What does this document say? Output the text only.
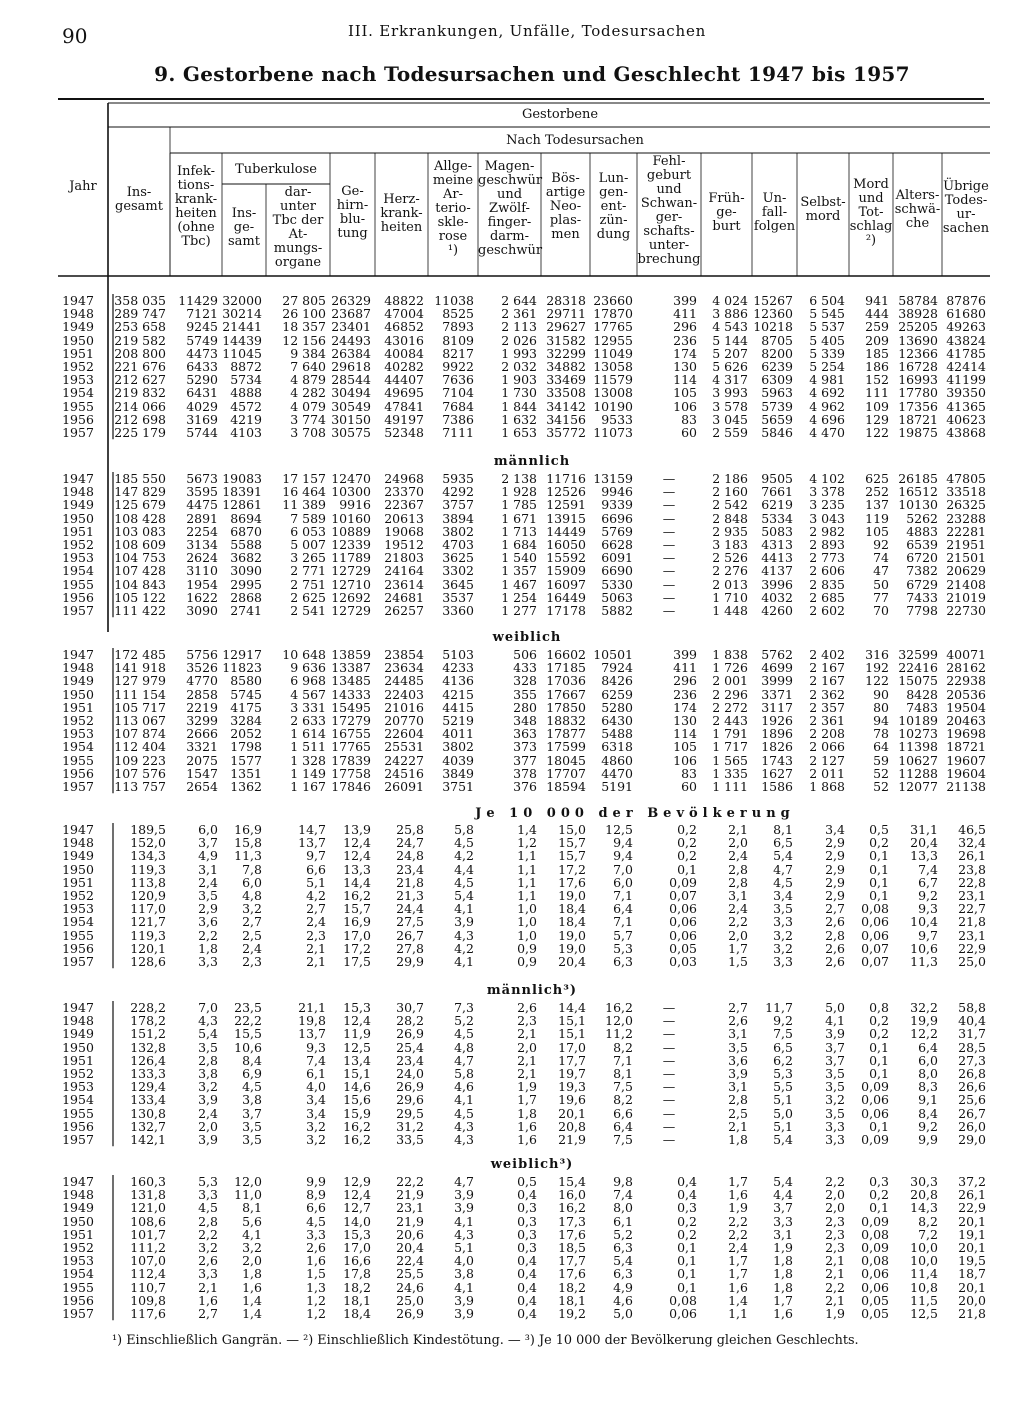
90	III. Erkrankungen, Unfälle, Todesursachen
9. Gestorbene nach Todesursachen und Geschlecht 1947 bis 1957
Gestorbene
Nach Todesursachen
Tuberkulose
Jahr	Ins-
gesamt
Infek-
tions-
krank-
heiten
(ohne
Tbc)
Ins-
ge-
samt
dar-
unter
Tbc der
At-
mungs-
organe
Ge-
hirn-
blu-
tung
Herz-
krank-
heiten
Allge-
meine
Ar-
terio-
skle-
rose
¹)
Magen-
geschwür
und
Zwölf-
finger-
darm-
geschwür
Bös-
artige
Neo-
plas-
men
Lun-
gen-
ent-
zün-
dung
Fehl-
geburt
und
Schwan-
ger-
schafts-
unter-
brechung
Früh-
ge-
burt
Un-
fall-
folgen
Selbst-
mord
Mord
und
Tot-
schlag
²)
Alters-
schwä-
che
Übrige
Todes-
ur-
sachen
1947
1948
1949
1950
1951
1952
1953
1954
1955
1956
1957
358 035
289 747
253 658
219 582
208 800
221 676
212 627
219 832
214 066
212 698
225 179
11429
7121
9245
5749
4473
6433
5290
6431
4029
3169
5744
32000
30214
21441
14439
11045
8872
5734
4888
4572
4219
4103
27 805
26 100
18 357
12 156
9 384
7 640
4 879
4 282
4 079
3 774
3 708
26329
23687
23401
24493
26384
29618
28544
30494
30549
30150
30575
48822
47004
46852
43016
40084
40282
44407
49695
47841
49197
52348
11038
8525
7893
8109
8217
9922
7636
7104
7684
7386
7111
2 644
2 361
2 113
2 026
1 993
2 032
1 903
1 730
1 844
1 632
1 653
28318
29711
29627
31582
32299
34882
33469
33508
34142
34156
35772
23660
17870
17765
12955
11049
13058
11579
13008
10190
9533
11073
399
411
296
236
174
130
114
105
106
83
60
4 024
3 886
4 543
5 144
5 207
5 626
4 317
3 993
3 578
3 045
2 559
15267
12360
10218
8705
8200
6239
6309
5963
5739
5659
5846
6 504
5 545
5 537
5 405
5 339
5 254
4 981
4 692
4 962
4 696
4 470
941
444
259
209
185
186
152
111
109
129
122
58784
38928
25205
13690
12366
16728
16993
17780
17356
18721
19875
87876
61680
49263
43824
41785
42414
41199
39350
41365
40623
43868
männlich
1947
1948
1949
1950
1951
1952
1953
1954
1955
1956
1957
185 550
147 829
125 679
108 428
103 083
108 609
104 753
107 428
104 843
105 122
111 422
5673
3595
4475
2891
2254
3134
2624
3110
1954
1622
3090
19083
18391
12861
8694
6870
5588
3682
3090
2995
2868
2741
17 157
16 464
11 389
7 589
6 053
5 007
3 265
2 771
2 751
2 625
2 541
12470
10300
9916
10160
10889
12339
11789
12729
12710
12692
12729
24968
23370
22367
20613
19068
19512
21803
24164
23614
24681
26257
5935
4292
3757
3894
3802
4703
3625
3302
3645
3537
3360
2 138
1 928
1 785
1 671
1 713
1 684
1 540
1 357
1 467
1 254
1 277
11716
12526
12591
13915
14449
16050
15592
15909
16097
16449
17178
13159
9946
9339
6696
5769
6628
6091
6690
5330
5063
5882
—
—
—
—
—
—
—
—
—
—
—
2 186
2 160
2 542
2 848
2 935
3 183
2 526
2 276
2 013
1 710
1 448
9505
7661
6219
5334
5083
4313
4413
4137
3996
4032
4260
4 102
3 378
3 235
3 043
2 982
2 893
2 773
2 606
2 835
2 685
2 602
625
252
137
119
105
92
74
47
50
77
70
26185
16512
10130
5262
4883
6539
6720
7382
6729
7433
7798
47805
33518
26325
23288
22281
21951
21501
20629
21408
21019
22730
weiblich
1947
1948
1949
1950
1951
1952
1953
1954
1955
1956
1957
172 485
141 918
127 979
111 154
105 717
113 067
107 874
112 404
109 223
107 576
113 757
5756
3526
4770
2858
2219
3299
2666
3321
2075
1547
2654
12917
11823
8580
5745
4175
3284
2052
1798
1577
1351
1362
10 648
9 636
6 968
4 567
3 331
2 633
1 614
1 511
1 328
1 149
1 167
13859
13387
13485
14333
15495
17279
16755
17765
17839
17758
17846
23854
23634
24485
22403
21016
20770
22604
25531
24227
24516
26091
5103
4233
4136
4215
4415
5219
4011
3802
4039
3849
3751
506
433
328
355
280
348
363
373
377
378
376
16602
17185
17036
17667
17850
18832
17877
17599
18045
17707
18594
10501
7924
8426
6259
5280
6430
5488
6318
4860
4470
5191
399
411
296
236
174
130
114
105
106
83
60
1 838
1 726
2 001
2 296
2 272
2 443
1 791
1 717
1 565
1 335
1 111
5762
4699
3999
3371
3117
1926
1896
1826
1743
1627
1586
2 402
2 167
2 167
2 362
2 357
2 361
2 208
2 066
2 127
2 011
1 868
316
192
122
90
80
94
78
64
59
52
52
32599
22416
15075
8428
7483
10189
10273
11398
10627
11288
12077
40071
28162
22938
20536
19504
20463
19698
18721
19607
19604
21138
Je 10 000 der Bevölkerung
1947
1948
1949
1950
1951
1952
1953
1954
1955
1956
1957
189,5
152,0
134,3
119,3
113,8
120,9
117,0
121,7
119,3
120,1
128,6
6,0
3,7
4,9
3,1
2,4
3,5
2,9
3,6
2,2
1,8
3,3
16,9
15,8
11,3
7,8
6,0
4,8
3,2
2,7
2,5
2,4
2,3
14,7
13,7
9,7
6,6
5,1
4,2
2,7
2,4
2,3
2,1
2,1
13,9
12,4
12,4
13,3
14,4
16,2
15,7
16,9
17,0
17,2
17,5
25,8
24,7
24,8
23,4
21,8
21,3
24,4
27,5
26,7
27,8
29,9
5,8
4,5
4,2
4,4
4,5
5,4
4,1
3,9
4,3
4,2
4,1
1,4
1,2
1,1
1,1
1,1
1,1
1,0
1,0
1,0
0,9
0,9
15,0
15,7
15,7
17,2
17,6
19,0
18,4
18,4
19,0
19,0
20,4
12,5
9,4
9,4
7,0
6,0
7,1
6,4
7,1
5,7
5,3
6,3
0,2
0,2
0,2
0,1
0,09
0,07
0,06
0,06
0,06
0,05
0,03
2,1
2,0
2,4
2,8
2,8
3,1
2,4
2,2
2,0
1,7
1,5
8,1
6,5
5,4
4,7
4,5
3,4
3,5
3,3
3,2
3,2
3,3
3,4
2,9
2,9
2,9
2,9
2,9
2,7
2,6
2,8
2,6
2,6
0,5
0,2
0,1
0,1
0,1
0,1
0,08
0,06
0,06
0,07
0,07
31,1
20,4
13,3
7,4
6,7
9,2
9,3
10,4
9,7
10,6
11,3
46,5
32,4
26,1
23,8
22,8
23,1
22,7
21,8
23,1
22,9
25,0
männlich³)
1947
1948
1949
1950
1951
1952
1953
1954
1955
1956
1957
228,2
178,2
151,2
132,8
126,4
133,3
129,4
133,4
130,8
132,7
142,1
7,0
4,3
5,4
3,5
2,8
3,8
3,2
3,9
2,4
2,0
3,9
23,5
22,2
15,5
10,6
8,4
6,9
4,5
3,8
3,7
3,5
3,5
21,1
19,8
13,7
9,3
7,4
6,1
4,0
3,4
3,4
3,2
3,2
15,3
12,4
11,9
12,5
13,4
15,1
14,6
15,6
15,9
16,2
16,2
30,7
28,2
26,9
25,4
23,4
24,0
26,9
29,6
29,5
31,2
33,5
7,3
5,2
4,5
4,8
4,7
5,8
4,6
4,1
4,5
4,3
4,3
2,6
2,3
2,1
2,0
2,1
2,1
1,9
1,7
1,8
1,6
1,6
14,4
15,1
15,1
17,0
17,7
19,7
19,3
19,6
20,1
20,8
21,9
16,2
12,0
11,2
8,2
7,1
8,1
7,5
8,2
6,6
6,4
7,5
—
—
—
—
—
—
—
—
—
—
—
2,7
2,6
3,1
3,5
3,6
3,9
3,1
2,8
2,5
2,1
1,8
11,7
9,2
7,5
6,5
6,2
5,3
5,5
5,1
5,0
5,1
5,4
5,0
4,1
3,9
3,7
3,7
3,5
3,5
3,2
3,5
3,3
3,3
0,8
0,2
0,2
0,1
0,1
0,1
0,09
0,06
0,06
0,1
0,09
32,2
19,9
12,2
6,4
6,0
8,0
8,3
9,1
8,4
9,2
9,9
58,8
40,4
31,7
28,5
27,3
26,8
26,6
25,6
26,7
26,0
29,0
weiblich³)
1947
1948
1949
1950
1951
1952
1953
1954
1955
1956
1957
160,3
131,8
121,0
108,6
101,7
111,2
107,0
112,4
110,7
109,8
117,6
5,3
3,3
4,5
2,8
2,2
3,2
2,6
3,3
2,1
1,6
2,7
12,0
11,0
8,1
5,6
4,1
3,2
2,0
1,8
1,6
1,4
1,4
9,9
8,9
6,6
4,5
3,3
2,6
1,6
1,5
1,3
1,2
1,2
12,9
12,4
12,7
14,0
15,3
17,0
16,6
17,8
18,2
18,1
18,4
22,2
21,9
23,1
21,9
20,6
20,4
22,4
25,5
24,6
25,0
26,9
4,7
3,9
3,9
4,1
4,3
5,1
4,0
3,8
4,1
3,9
3,9
0,5
0,4
0,3
0,3
0,3
0,3
0,4
0,4
0,4
0,4
0,4
15,4
16,0
16,2
17,3
17,6
18,5
17,7
17,6
18,2
18,1
19,2
9,8
7,4
8,0
6,1
5,2
6,3
5,4
6,3
4,9
4,6
5,0
0,4
0,4
0,3
0,2
0,2
0,1
0,1
0,1
0,1
0,08
0,06
1,7
1,6
1,9
2,2
2,2
2,4
1,7
1,7
1,6
1,4
1,1
5,4
4,4
3,7
3,3
3,1
1,9
1,8
1,8
1,8
1,7
1,6
2,2
2,0
2,0
2,3
2,3
2,3
2,1
2,1
2,2
2,1
1,9
0,3
0,2
0,1
0,09
0,08
0,09
0,08
0,06
0,06
0,05
0,05
30,3
20,8
14,3
8,2
7,2
10,0
10,0
11,4
10,8
11,5
12,5
37,2
26,1
22,9
20,1
19,1
20,1
19,5
18,7
20,1
20,0
21,8
¹) Einschließlich Gangrän. — ²) Einschließlich Kindestötung. — ³) Je 10 000 der Bevölkerung gleichen Geschlechts.
